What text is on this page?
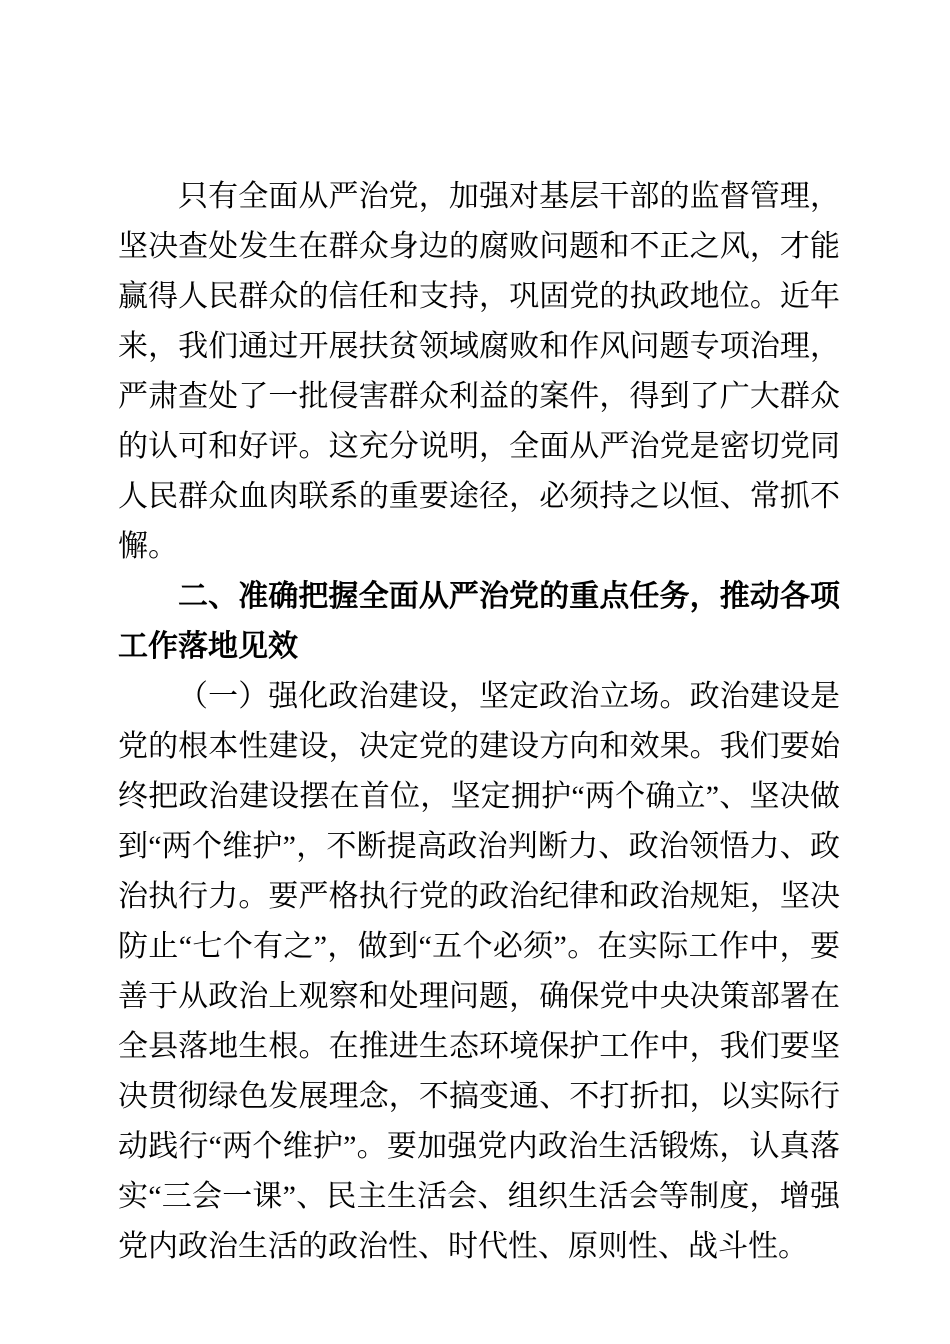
只有全面从严治党，加强对基层干部的监督管理，坚决查处发生在群众身边的腐败问题和不正之风，才能赢得人民群众的信任和支持，巩固党的执政地位。近年来，我们通过开展扶贫领域腐败和作风问题专项治理，严肃查处了一批侵害群众利益的案件，得到了广大群众的认可和好评。这充分说明，全面从严治党是密切党同人民群众血肉联系的重要途径，必须持之以恒、常抓不懈。

二、准确把握全面从严治党的重点任务，推动各项工作落地见效

（一）强化政治建设，坚定政治立场。政治建设是党的根本性建设，决定党的建设方向和效果。我们要始终把政治建设摆在首位，坚定拥护“两个确立”、坚决做到“两个维护”，不断提高政治判断力、政治领悟力、政治执行力。要严格执行党的政治纪律和政治规矩，坚决防止“七个有之”，做到“五个必须”。在实际工作中，要善于从政治上观察和处理问题，确保党中央决策部署在全县落地生根。在推进生态环境保护工作中，我们要坚决贯彻绿色发展理念，不搞变通、不打折扣，以实际行动践行“两个维护”。要加强党内政治生活锻炼，认真落实“三会一课”、民主生活会、组织生活会等制度，增强党内政治生活的政治性、时代性、原则性、战斗性。
